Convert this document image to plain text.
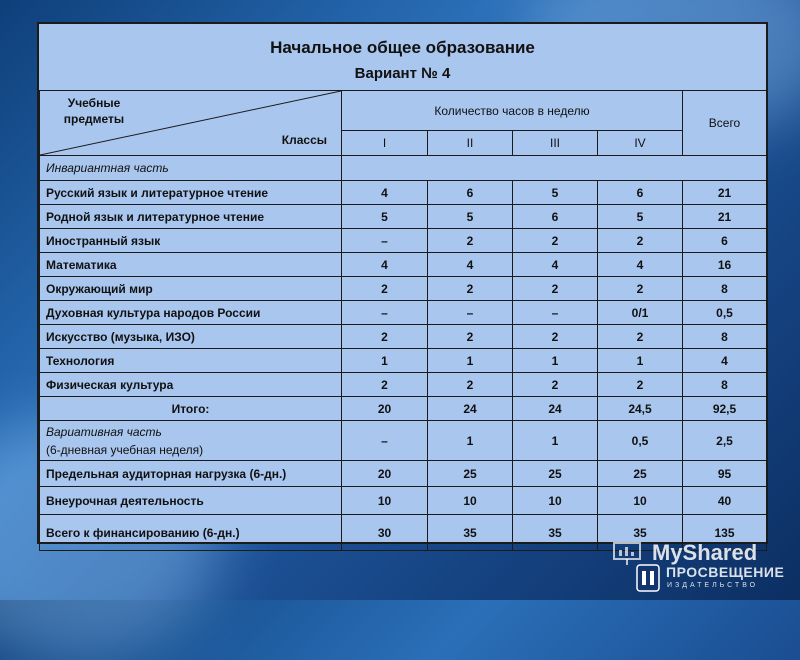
Начальное общее образование
Вариант № 4
Учебные предметы
Классы	Количество часов в неделю				Всего
	I	II	III	IV	
Инвариантная часть					
Русский язык и литературное чтение	4	6	5	6	21
Родной язык и литературное чтение	5	5	6	5	21
Иностранный язык	–	2	2	2	6
Математика	4	4	4	4	16
Окружающий мир	2	2	2	2	8
Духовная культура народов России	–	–	–	0/1	0,5
Искусство (музыка, ИЗО)	2	2	2	2	8
Технология	1	1	1	1	4
Физическая культура	2	2	2	2	8
Итого:	20	24	24	24,5	92,5

Вариативная часть
(6-дневная учебная неделя)	–	1	1	0,5	2,5
Предельная аудиторная нагрузка (6-дн.)	20	25	25	25	95
Внеурочная деятельность	10	10	10	10	40
Всего к финансированию (6-дн.)	30	35	35	35	135
MyShared
ПРОСВЕЩЕНИЕ
ИЗДАТЕЛЬСТВО
